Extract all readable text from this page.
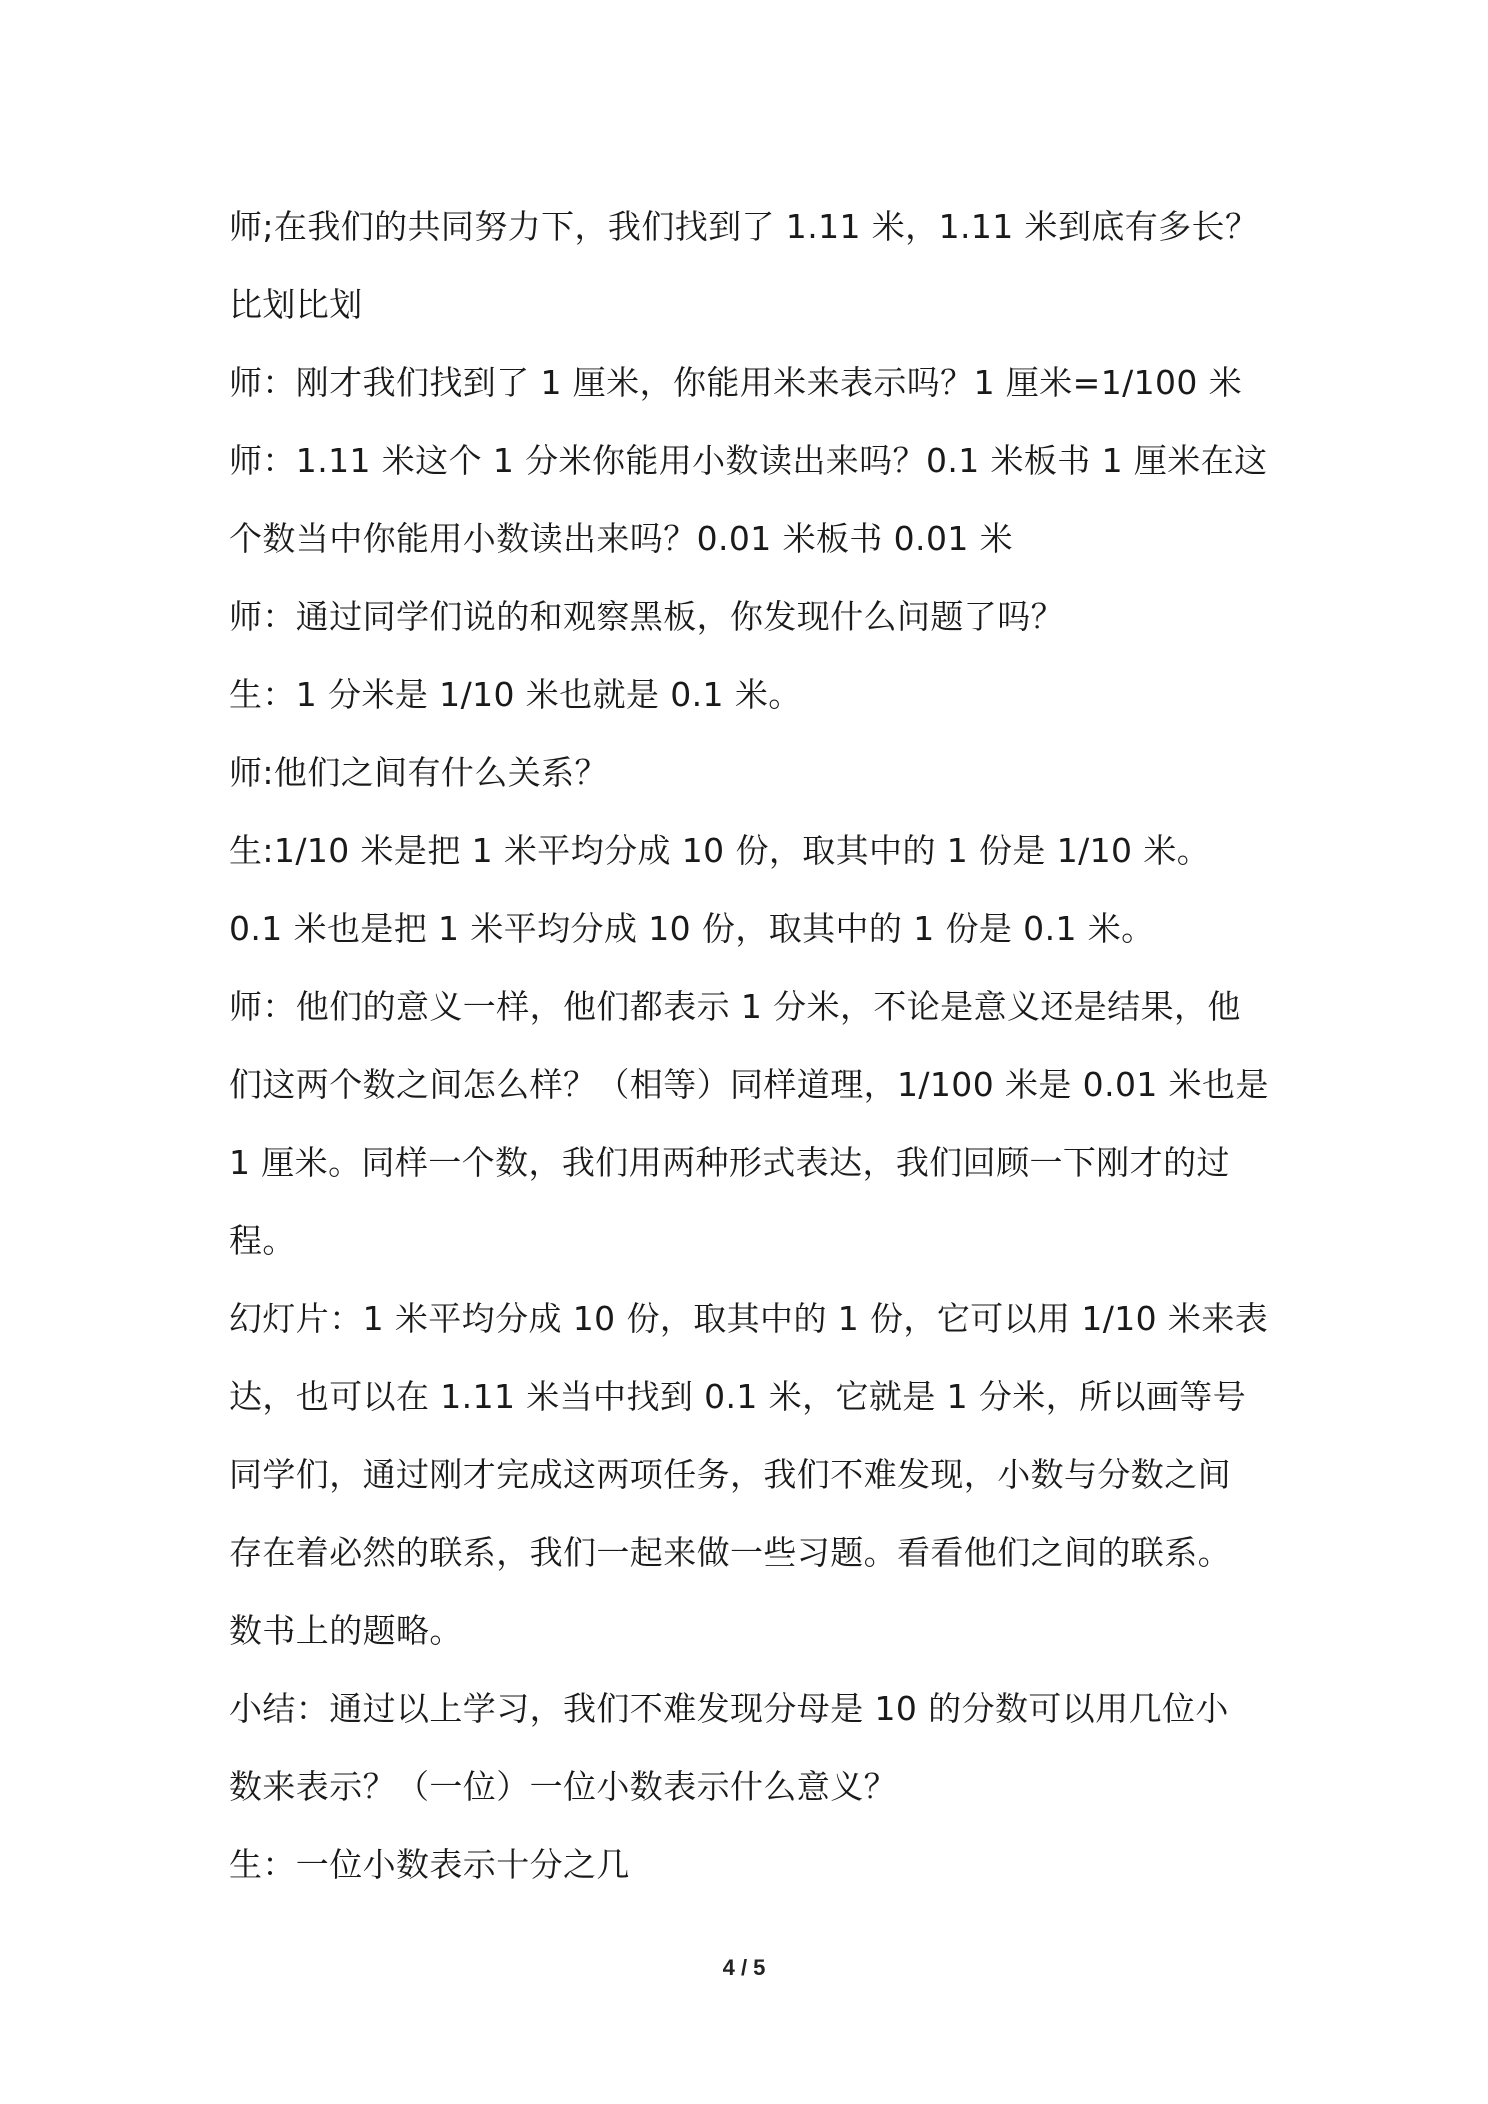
师;在我们的共同努力下，我们找到了 1.11 米，1.11 米到底有多长？
比划比划
师：刚才我们找到了 1 厘米，你能用米来表示吗？1 厘米=1/100 米
师：1.11 米这个 1 分米你能用小数读出来吗？0.1 米板书 1 厘米在这
个数当中你能用小数读出来吗？0.01 米板书 0.01 米
师：通过同学们说的和观察黑板，你发现什么问题了吗？
生：1 分米是 1/10 米也就是 0.1 米。
师:他们之间有什么关系？
生:1/10 米是把 1 米平均分成 10 份，取其中的 1 份是 1/10 米。
0.1 米也是把 1 米平均分成 10 份，取其中的 1 份是 0.1 米。
师：他们的意义一样，他们都表示 1 分米，不论是意义还是结果，他
们这两个数之间怎么样？（相等）同样道理，1/100 米是 0.01 米也是
1 厘米。同样一个数，我们用两种形式表达，我们回顾一下刚才的过
程。
幻灯片：1 米平均分成 10 份，取其中的 1 份，它可以用 1/10 米来表
达，也可以在 1.11 米当中找到 0.1 米，它就是 1 分米，所以画等号
同学们，通过刚才完成这两项任务，我们不难发现，小数与分数之间
存在着必然的联系，我们一起来做一些习题。看看他们之间的联系。
数书上的题略。
小结：通过以上学习，我们不难发现分母是 10 的分数可以用几位小
数来表示？（一位）一位小数表示什么意义？
生：一位小数表示十分之几
4 / 5
